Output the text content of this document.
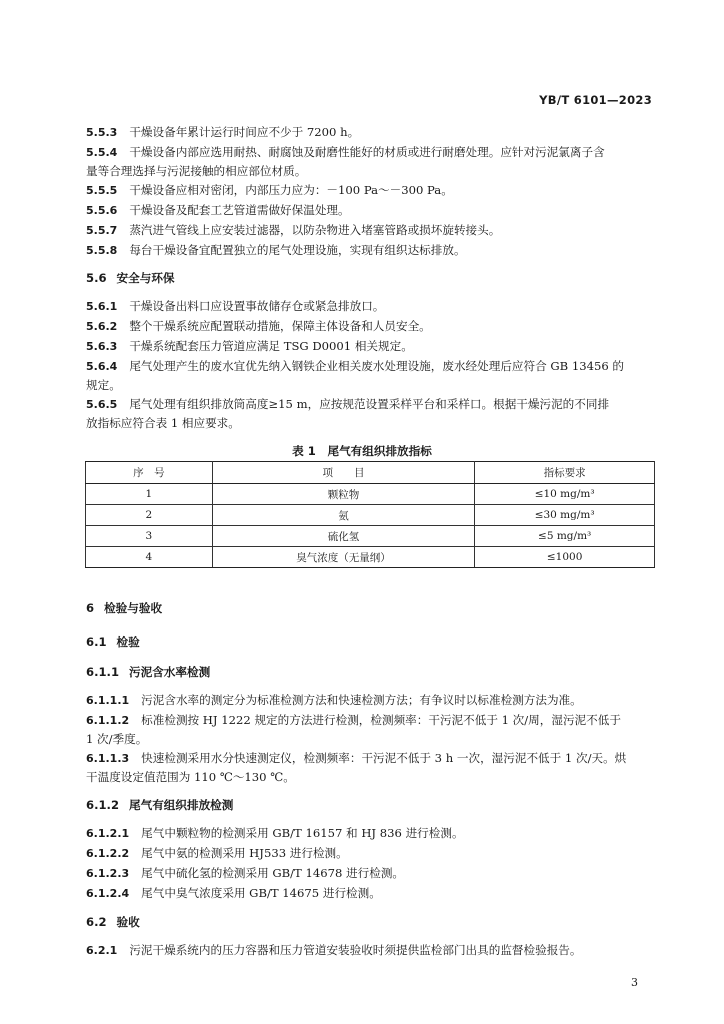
YB/T 6101—2023
5.5.3 干燥设备年累计运行时间应不少于 7200 h。
5.5.4 干燥设备内部应选用耐热、耐腐蚀及耐磨性能好的材质或进行耐磨处理。应针对污泥氯离子含
量等合理选择与污泥接触的相应部位材质。
5.5.5 干燥设备应相对密闭，内部压力应为：－100 Pa～－300 Pa。
5.5.6 干燥设备及配套工艺管道需做好保温处理。
5.5.7 蒸汽进气管线上应安装过滤器，以防杂物进入堵塞管路或损坏旋转接头。
5.5.8 每台干燥设备宜配置独立的尾气处理设施，实现有组织达标排放。
5.6 安全与环保
5.6.1 干燥设备出料口应设置事故储存仓或紧急排放口。
5.6.2 整个干燥系统应配置联动措施，保障主体设备和人员安全。
5.6.3 干燥系统配套压力管道应满足 TSG D0001 相关规定。
5.6.4 尾气处理产生的废水宜优先纳入钢铁企业相关废水处理设施，废水经处理后应符合 GB 13456 的
规定。
5.6.5 尾气处理有组织排放筒高度≥15 m，应按规范设置采样平台和采样口。根据干燥污泥的不同排
放指标应符合表 1 相应要求。
表 1　 尾气有组织排放指标
序　号	项　　目	指标要求
1	颗粒物	≤10 mg/m³
2	氨	≤30 mg/m³
3	硫化氢	≤5 mg/m³
4	臭气浓度（无量纲）	≤1000
6 检验与验收
6.1 检验
6.1.1 污泥含水率检测
6.1.1.1 污泥含水率的测定分为标准检测方法和快速检测方法；有争议时以标准检测方法为准。
6.1.1.2 标准检测按 HJ 1222 规定的方法进行检测，检测频率：干污泥不低于 1 次/周，湿污泥不低于
1 次/季度。
6.1.1.3 快速检测采用水分快速测定仪，检测频率：干污泥不低于 3 h 一次，湿污泥不低于 1 次/天。烘
干温度设定值范围为 110 ℃～130 ℃。
6.1.2 尾气有组织排放检测
6.1.2.1 尾气中颗粒物的检测采用 GB/T 16157 和 HJ 836 进行检测。
6.1.2.2 尾气中氨的检测采用 HJ533 进行检测。
6.1.2.3 尾气中硫化氢的检测采用 GB/T 14678 进行检测。
6.1.2.4 尾气中臭气浓度采用 GB/T 14675 进行检测。
6.2 验收
6.2.1 污泥干燥系统内的压力容器和压力管道安装验收时须提供监检部门出具的监督检验报告。
3
